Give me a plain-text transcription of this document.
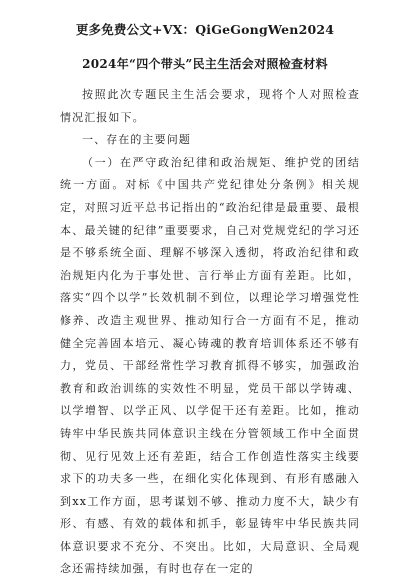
更多免费公文+VX：QiGeGongWen2024
2024年“四个带头”民主生活会对照检查材料

按照此次专题民主生活会要求，现将个人对照检查情况汇报如下。

一、存在的主要问题

（一）在严守政治纪律和政治规矩、维护党的团结统一方面。对标《中国共产党纪律处分条例》相关规定，对照习近平总书记指出的“政治纪律是最重要、最根本、最关键的纪律”重要要求，自己对党规党纪的学习还是不够系统全面、理解不够深入透彻，将政治纪律和政治规矩内化为于事处世、言行举止方面有差距。比如，落实“四个以学”长效机制不到位，以理论学习增强党性修养、改造主观世界、推动知行合一方面有不足，推动健全完善固本培元、凝心铸魂的教育培训体系还不够有力，党员、干部经常性学习教育抓得不够实，加强政治教育和政治训练的实效性不明显，党员干部以学铸魂、以学增智、以学正风、以学促干还有差距。比如，推动铸牢中华民族共同体意识主线在分管领域工作中全面贯彻、见行见效上还有差距，结合工作创造性落实主线要求下的功夫多一些，在细化实化体现到、有形有感融入到xx工作方面，思考谋划不够、推动力度不大，缺少有形、有感、有效的载体和抓手，彰显铸牢中华民族共同体意识要求不充分、不突出。比如，大局意识、全局观念还需持续加强，有时也存在一定的
